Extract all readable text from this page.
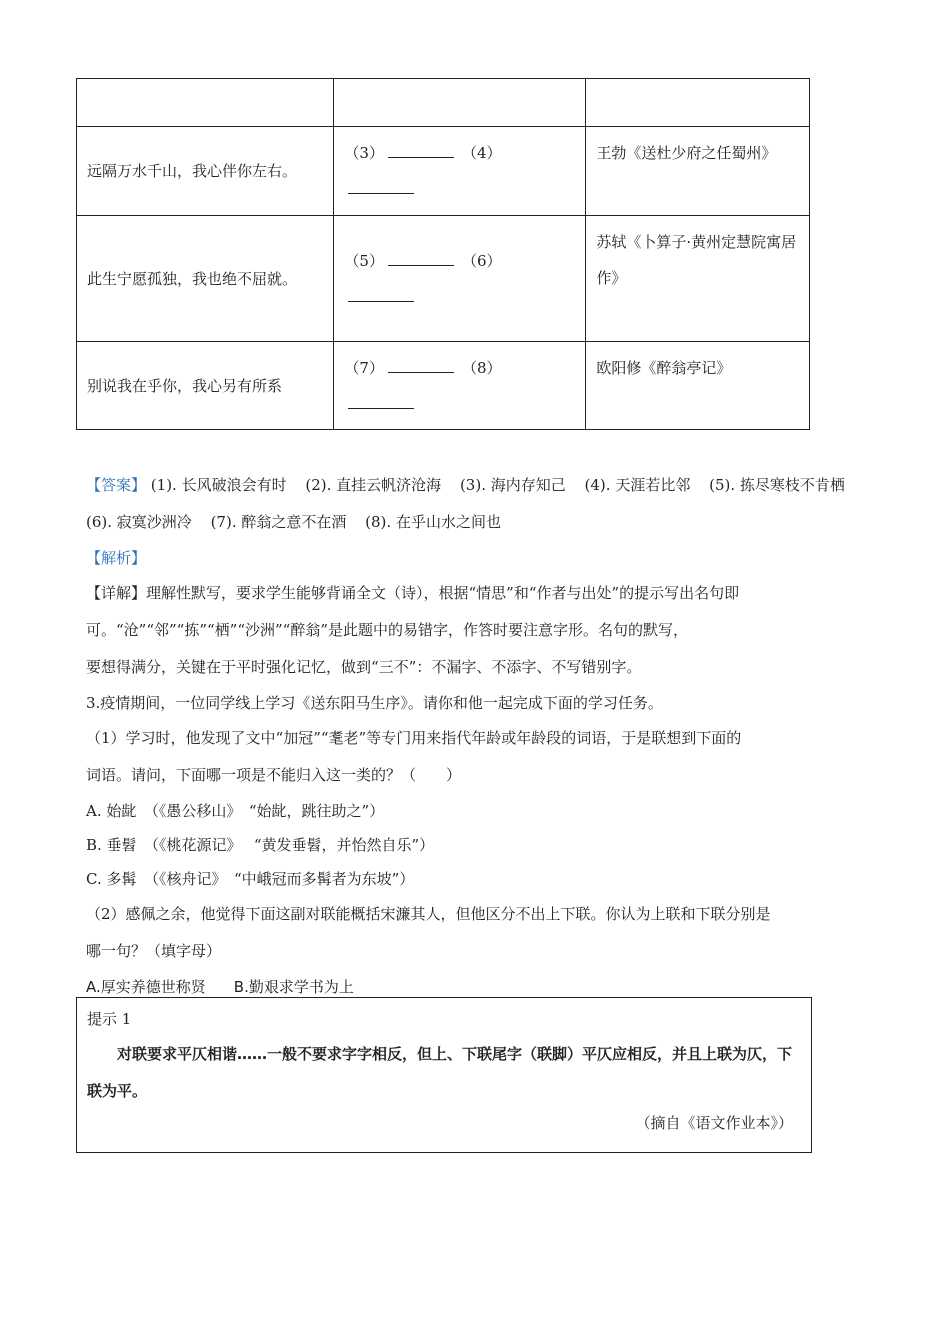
远隔万水千山，我心伴你左右。	（3） （4）	王勃《送杜少府之任蜀州》
此生宁愿孤独，我也绝不屈就。	（5） （6）	苏轼《卜算子·黄州定慧院寓居作》
别说我在乎你，我心另有所系	（7） （8）	欧阳修《醉翁亭记》
【答案】 (1). 长风破浪会有时 (2). 直挂云帆济沧海 (3). 海内存知己 (4). 天涯若比邻 (5). 拣尽寒枝不肯栖 (6). 寂寞沙洲冷 (7). 醉翁之意不在酒 (8). 在乎山水之间也
【解析】
【详解】理解性默写，要求学生能够背诵全文（诗），根据“情思”和“作者与出处”的提示写出名句即
可。“沧”“邻”“拣”“栖”“沙洲”“醉翁”是此题中的易错字，作答时要注意字形。名句的默写，
要想得满分，关键在于平时强化记忆，做到“三不”：不漏字、不添字、不写错别字。
3.疫情期间，一位同学线上学习《送东阳马生序》。请你和他一起完成下面的学习任务。
（1）学习时，他发现了文中“加冠”“耄老”等专门用来指代年龄或年龄段的词语，于是联想到下面的
词语。请问，下面哪一项是不能归入这一类的？（　　）
A. 始龀　（《愚公移山》　“始龀，跳往助之”）
B. 垂髫　（《桃花源记》　 “黄发垂髫，并怡然自乐”）
C. 多髯　（《核舟记》　“中峨冠而多髯者为东坡”）
（2）感佩之余，他觉得下面这副对联能概括宋濂其人，但他区分不出上下联。你认为上联和下联分别是
哪一句？（填字母）
A.厚实养德世称贤 B.勤艰求学书为上
提示 1
对联要求平仄相谐……一般不要求字字相反，但上、下联尾字（联脚）平仄应相反，并且上联为仄，下联为平。
（摘自《语文作业本》）
